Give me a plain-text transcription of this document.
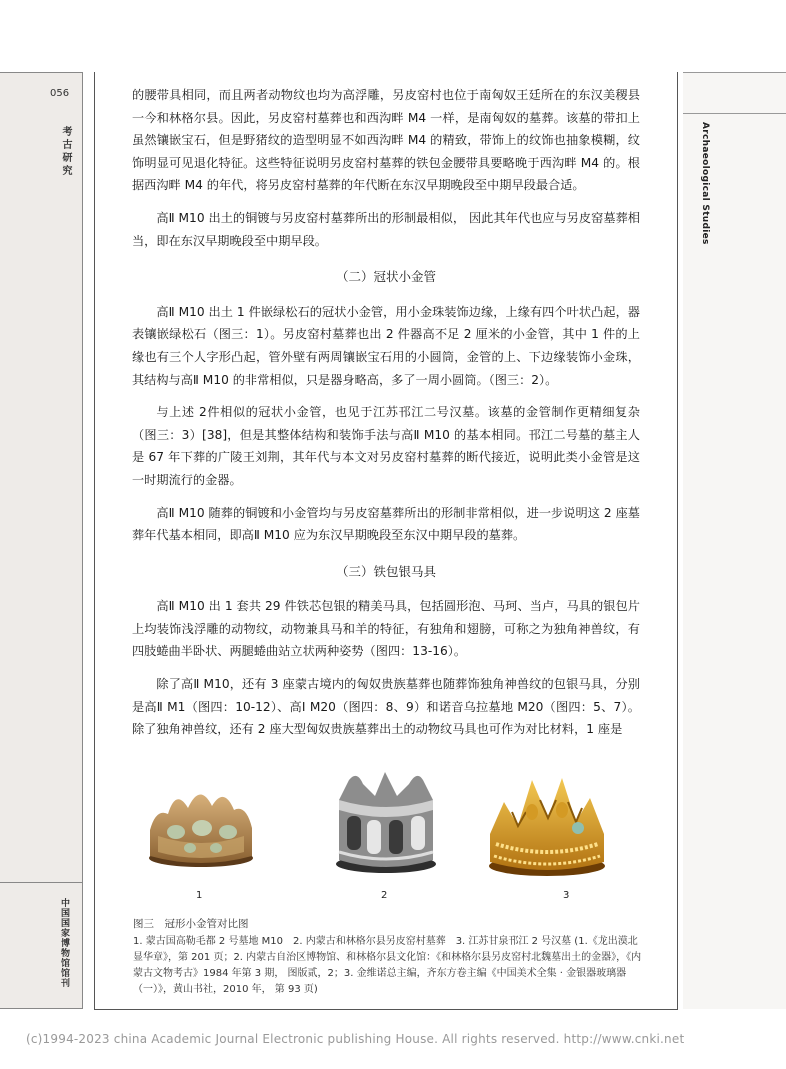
056
考古研究
中国国家博物馆馆刊
Archaeological Studies

的腰带具相同，而且两者动物纹也均为高浮雕，另皮窑村也位于南匈奴王廷所在的东汉美稷县一今和林格尔县。因此，另皮窑村墓葬也和西沟畔 M4 一样，是南匈奴的墓葬。该墓的带扣上虽然镶嵌宝石，但是野猪纹的造型明显不如西沟畔 M4 的精致，带饰上的纹饰也抽象模糊，纹饰明显可见退化特征。这些特征说明另皮窑村墓葬的铁包金腰带具要略晚于西沟畔 M4 的。根据西沟畔 M4 的年代，将另皮窑村墓葬的年代断在东汉早期晚段至中期早段最合适。

高Ⅱ M10 出土的铜镀与另皮窑村墓葬所出的形制最相似， 因此其年代也应与另皮窑墓葬相当，即在东汉早期晚段至中期早段。

（二）冠状小金管

高Ⅱ M10 出土 1 件嵌绿松石的冠状小金管，用小金珠装饰边缘，上缘有四个叶状凸起，器表镶嵌绿松石（图三：1）。另皮窑村墓葬也出 2 件器高不足 2 厘米的小金管，其中 1 件的上缘也有三个人字形凸起，管外壁有两周镶嵌宝石用的小圆筒，金管的上、下边缘装饰小金珠，其结构与高Ⅱ M10 的非常相似，只是器身略高，多了一周小圆筒。（图三：2）。

与上述 2件相似的冠状小金管，也见于江苏邗江二号汉墓。该墓的金管制作更精细复杂（图三：3）[38]，但是其整体结构和装饰手法与高Ⅱ M10 的基本相同。邗江二号墓的墓主人是 67 年下葬的广陵王刘荆，其年代与本文对另皮窑村墓葬的断代接近，说明此类小金管是这一时期流行的金器。

高Ⅱ M10 随葬的铜镀和小金管均与另皮窑墓葬所出的形制非常相似，进一步说明这 2 座墓葬年代基本相同，即高Ⅱ M10 应为东汉早期晚段至东汉中期早段的墓葬。

（三）铁包银马具

高Ⅱ M10 出 1 套共 29 件铁芯包银的精美马具，包括圆形泡、马珂、当卢，马具的银包片上均装饰浅浮雕的动物纹，动物兼具马和羊的特征，有独角和翅膀，可称之为独角神兽纹，有四肢蜷曲半卧状、两腿蜷曲站立状两种姿势（图四：13-16）。

除了高Ⅱ M10，还有 3 座蒙古境内的匈奴贵族墓葬也随葬饰独角神兽纹的包银马具，分别是高Ⅱ M1（图四：10-12）、高Ⅰ M20（图四：8、9）和诺音乌拉墓地 M20（图四：5、7）。除了独角神兽纹，还有 2 座大型匈奴贵族墓葬出土的动物纹马具也可作为对比材料，1 座是

1	2	3
图三　冠形小金管对比图

1. 蒙古国高勒毛都 2 号墓地 M10　2. 内蒙古和林格尔县另皮窑村墓葬　3. 江苏甘泉邗江 2 号汉墓 (1.《龙出漠北显华章》，第 201 页；2. 内蒙古自治区博物馆、和林格尔县文化馆：《和林格尔县另皮窑村北魏墓出土的金器》，《内蒙古文物考古》1984 年第 3 期， 图版贰，2；3. 金维诺总主编，齐东方卷主编《中国美术全集 · 金银器玻璃器（一）》，黄山书社，2010 年， 第 93 页)

(c)1994-2023 china Academic Journal Electronic publishing House. All rights reserved. http://www.cnki.net
